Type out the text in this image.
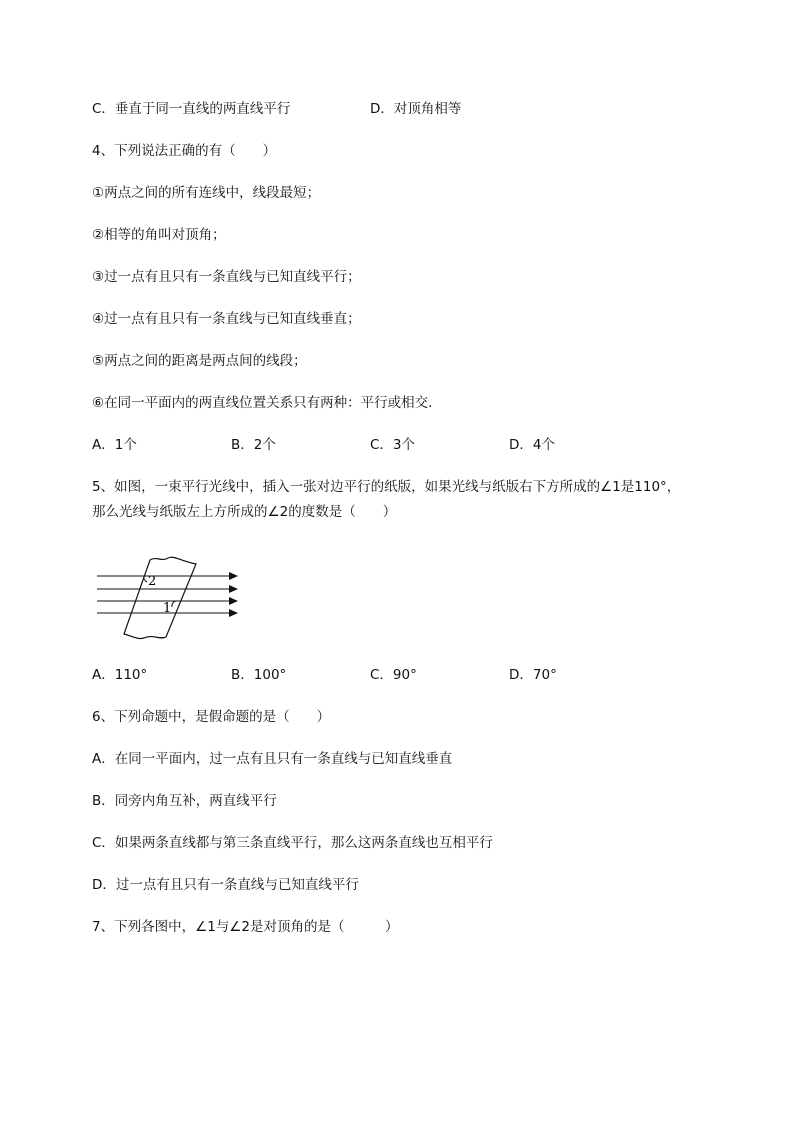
C．垂直于同一直线的两直线平行	D．对顶角相等
4、下列说法正确的有（　　）
①两点之间的所有连线中，线段最短；
②相等的角叫对顶角；
③过一点有且只有一条直线与已知直线平行；
④过一点有且只有一条直线与已知直线垂直；
⑤两点之间的距离是两点间的线段；
⑥在同一平面内的两直线位置关系只有两种：平行或相交．
A．1个	B．2个	C．3个	D．4个
5、如图，一束平行光线中，插入一张对边平行的纸版，如果光线与纸版右下方所成的∠1是110°，
那么光线与纸版左上方所成的∠2的度数是（　　）
2
1
A．110°	B．100°	C．90°	D．70°
6、下列命题中，是假命题的是（　　）
A．在同一平面内，过一点有且只有一条直线与已知直线垂直
B．同旁内角互补，两直线平行
C．如果两条直线都与第三条直线平行，那么这两条直线也互相平行
D．过一点有且只有一条直线与已知直线平行
7、下列各图中，∠1与∠2是对顶角的是（　　　）
